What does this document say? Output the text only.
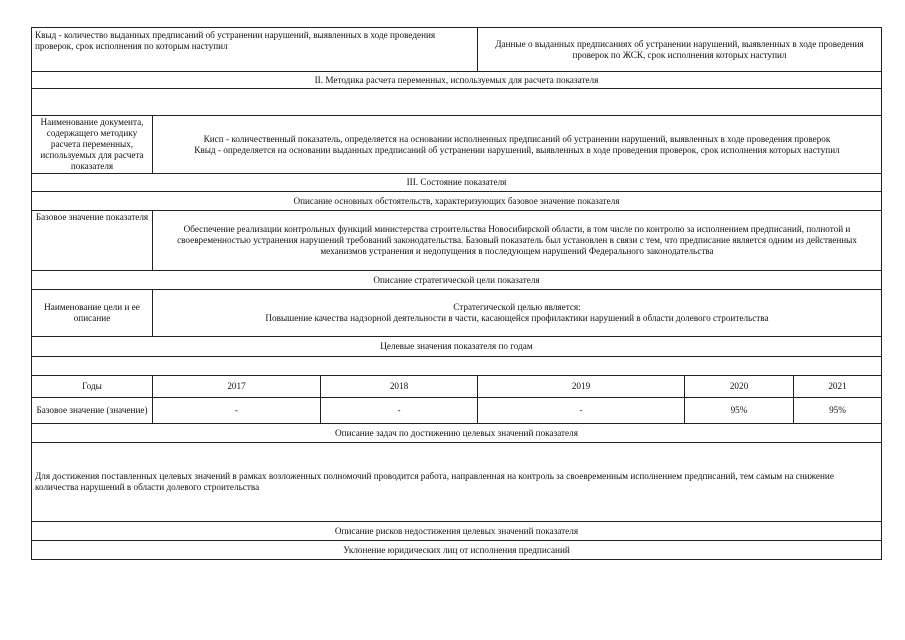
Квыд - количество выданных предписаний об устранении нарушений, выявленных в ходе проведения проверок, срок исполнения по которым наступил			Данные о выданных предписаниях об устранении нарушений, выявленных в ходе проведения проверок по ЖСК, срок исполнения которых наступил		
II. Методика расчета переменных, используемых для расчета показателя					

Наименование документа, содержащего методику расчета переменных, используемых для расчета показателя	Кисп - количественный показатель, определяется на основании исполненных предписаний об устранении нарушений, выявленных в ходе проведения проверок
Квыд - определяется на основании выданных предписаний об устранении нарушений, выявленных в ходе проведения проверок, срок исполнения которых наступил				

III. Состояние показателя					
Описание основных обстоятельств, характеризующих базовое значение показателя					
Базовое значение показателя	Обеспечение реализации контрольных функций министерства строительства Новосибирской области, в том числе по контролю за исполнением предписаний, полнотой и своевременностью устранения нарушений требований законодательства. Базовый показатель был установлен в связи с тем, что предписание является одним из действенных механизмов устранения и недопущения в последующем нарушений Федерального законодательства				
Описание стратегической цели показателя					
Наименование цели и ее описание	Стратегической целью является:
Повышение качества надзорной деятельности в части, касающейся профилактики нарушений в области долевого строительства				

Целевые значения показателя по годам					

Годы	2017	2018	2019	2020	2021
Базовое значение (значение)	-	-	-	95%	95%
Описание задач по достижению целевых значений показателя					
Для достижения поставленных целевых значений в рамках возложенных полномочий проводится работа, направленная на контроль за своевременным исполнением предписаний, тем самым на снижение количества нарушений в области долевого строительства					
Описание рисков недостижения целевых значений показателя					
Уклонение юридических лиц от исполнения предписаний					
